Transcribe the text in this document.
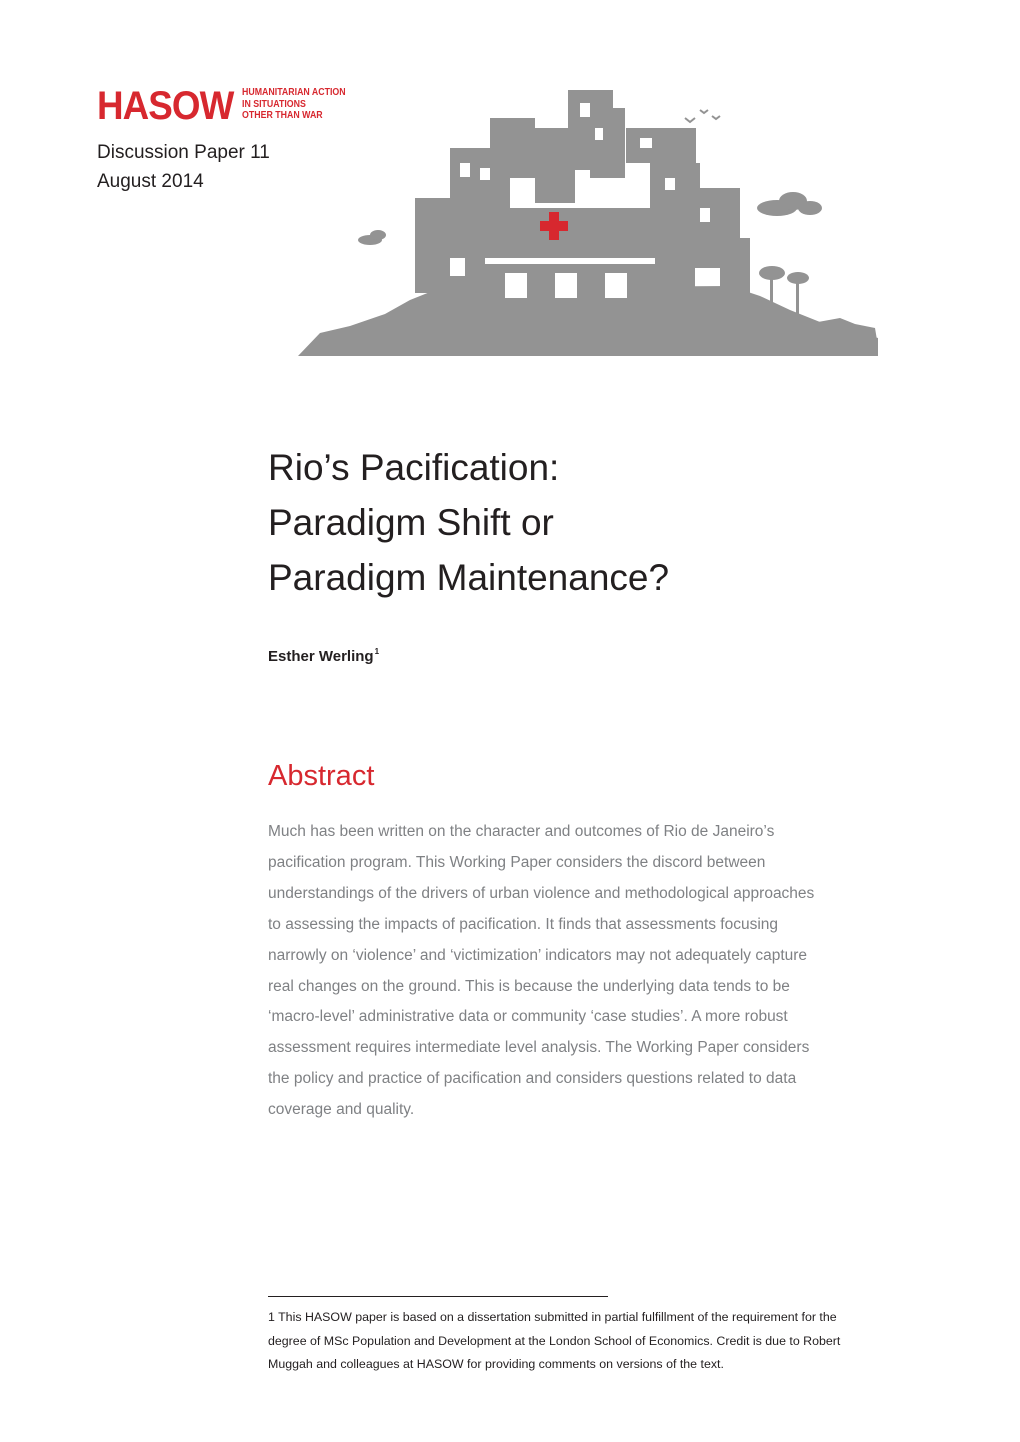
HASOW HUMANITARIAN ACTION
IN SITUATIONS
OTHER THAN WAR
Discussion Paper 11
August 2014
Rio’s Pacification:
Paradigm Shift or
Paradigm Maintenance?
Esther Werling$^1$
Abstract
Much has been written on the character and outcomes of Rio de Janeiro’s
pacification program. This Working Paper considers the discord between
understandings of the drivers of urban violence and methodological approaches
to assessing the impacts of pacification. It finds that assessments focusing
narrowly on ‘violence’ and ‘victimization’ indicators may not adequately capture
real changes on the ground. This is because the underlying data tends to be
‘macro-level’ administrative data or community ‘case studies’. A more robust
assessment requires intermediate level analysis. The Working Paper considers
the policy and practice of pacification and considers questions related to data
coverage and quality.
1 This HASOW paper is based on a dissertation submitted in partial fulfillment of the requirement for the
degree of MSc Population and Development at the London School of Economics. Credit is due to Robert
Muggah and colleagues at HASOW for providing comments on versions of the text.
